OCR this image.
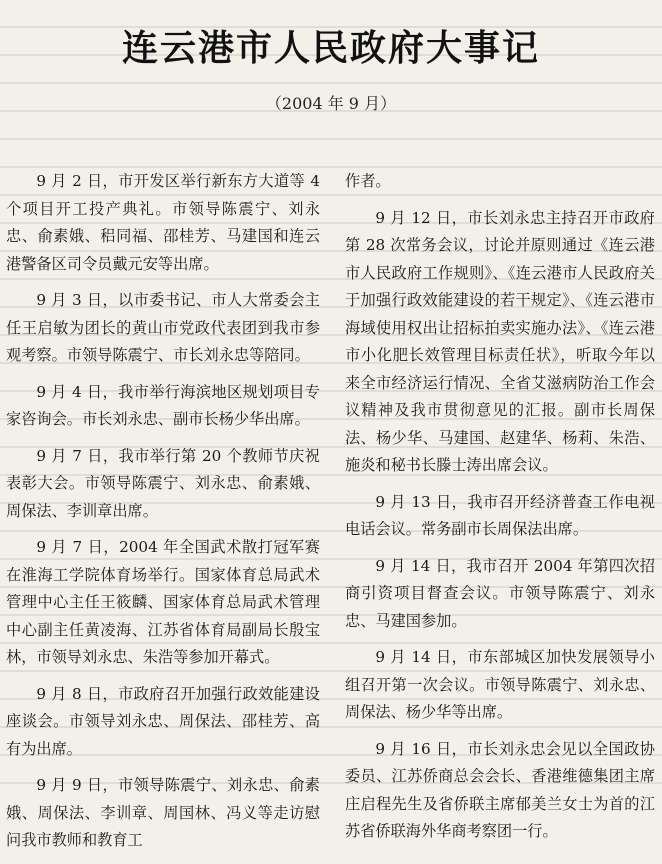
连云港市人民政府大事记
（2004 年 9 月）

9 月 2 日，市开发区举行新东方大道等 4 个项目开工投产典礼。市领导陈震宁、刘永忠、俞素娥、稆同福、邵桂芳、马建国和连云港警备区司令员戴元安等出席。

9 月 3 日，以市委书记、市人大常委会主任王启敏为团长的黄山市党政代表团到我市参观考察。市领导陈震宁、市长刘永忠等陪同。

9 月 4 日，我市举行海滨地区规划项目专家咨询会。市长刘永忠、副市长杨少华出席。

9 月 7 日，我市举行第 20 个教师节庆祝表彰大会。市领导陈震宁、刘永忠、俞素娥、周保法、李训章出席。

9 月 7 日，2004 年全国武术散打冠军赛在淮海工学院体育场举行。国家体育总局武术管理中心主任王筱麟、国家体育总局武术管理中心副主任黄凌海、江苏省体育局副局长殷宝林，市领导刘永忠、朱浩等参加开幕式。

9 月 8 日，市政府召开加强行政效能建设座谈会。市领导刘永忠、周保法、邵桂芳、高有为出席。

9 月 9 日，市领导陈震宁、刘永忠、俞素娥、周保法、李训章、周国林、冯义等走访慰问我市教师和教育工

作者。

9 月 12 日，市长刘永忠主持召开市政府第 28 次常务会议，讨论并原则通过《连云港市人民政府工作规则》、《连云港市人民政府关于加强行政效能建设的若干规定》、《连云港市海域使用权出让招标拍卖实施办法》、《连云港市小化肥长效管理目标责任状》，听取今年以来全市经济运行情况、全省艾滋病防治工作会议精神及我市贯彻意见的汇报。副市长周保法、杨少华、马建国、赵建华、杨莉、朱浩、施炎和秘书长滕士涛出席会议。

9 月 13 日，我市召开经济普查工作电视电话会议。常务副市长周保法出席。

9 月 14 日，我市召开 2004 年第四次招商引资项目督查会议。市领导陈震宁、刘永忠、马建国参加。

9 月 14 日，市东部城区加快发展领导小组召开第一次会议。市领导陈震宁、刘永忠、周保法、杨少华等出席。

9 月 16 日，市长刘永忠会见以全国政协委员、江苏侨商总会会长、香港维德集团主席庄启程先生及省侨联主席郁美兰女士为首的江苏省侨联海外华商考察团一行。
